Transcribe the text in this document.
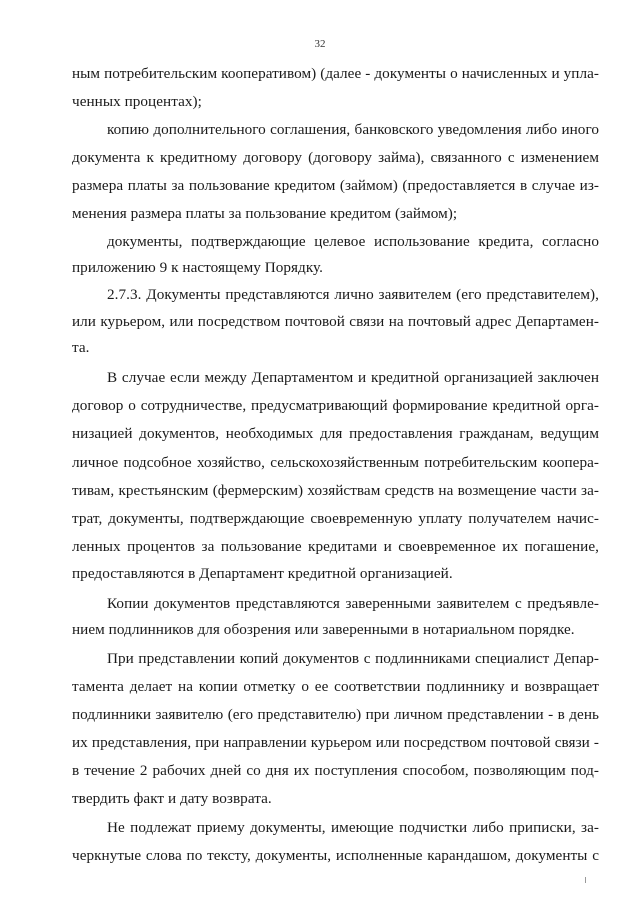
32
ным потребительским кооперативом) (далее - документы о начисленных и упла-
ченных процентах);
копию дополнительного соглашения, банковского уведомления либо иного
документа к кредитному договору (договору займа), связанного с изменением
размера платы за пользование кредитом (займом) (предоставляется в случае из-
менения размера платы за пользование кредитом (займом);
документы, подтверждающие целевое использование кредита, согласно
приложению 9 к настоящему Порядку.
2.7.3. Документы представляются лично заявителем (его представителем),
или курьером, или посредством почтовой связи на почтовый адрес Департамен-
та.
В случае если между Департаментом и кредитной организацией заключен
договор о сотрудничестве, предусматривающий формирование кредитной орга-
низацией документов, необходимых для предоставления гражданам, ведущим
личное подсобное хозяйство, сельскохозяйственным потребительским коопера-
тивам, крестьянским (фермерским) хозяйствам средств на возмещение части за-
трат, документы, подтверждающие своевременную уплату получателем начис-
ленных процентов за пользование кредитами и своевременное их погашение,
предоставляются в Департамент кредитной организацией.
Копии документов представляются заверенными заявителем с предъявле-
нием подлинников для обозрения или заверенными в нотариальном порядке.
При представлении копий документов с подлинниками специалист Депар-
тамента делает на копии отметку о ее соответствии подлиннику и возвращает
подлинники заявителю (его представителю) при личном представлении - в день
их представления, при направлении курьером или посредством почтовой связи -
в течение 2 рабочих дней со дня их поступления способом, позволяющим под-
твердить факт и дату возврата.
Не подлежат приему документы, имеющие подчистки либо приписки, за-
черкнутые слова по тексту, документы, исполненные карандашом, документы с
